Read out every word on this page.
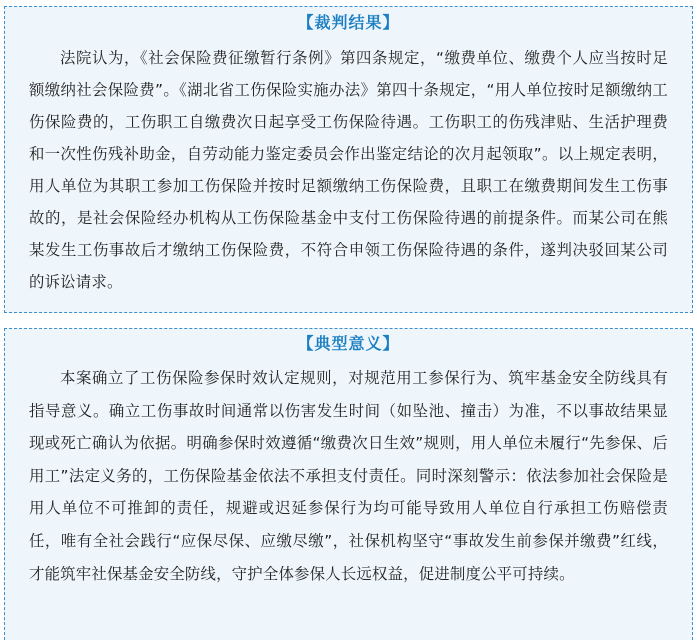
【裁判结果】

法院认为，《社会保险费征缴暂行条例》第四条规定，“缴费单位、缴费个人应当按时足额缴纳社会保险费”。《湖北省工伤保险实施办法》第四十条规定，“用人单位按时足额缴纳工伤保险费的，工伤职工自缴费次日起享受工伤保险待遇。工伤职工的伤残津贴、生活护理费和一次性伤残补助金，自劳动能力鉴定委员会作出鉴定结论的次月起领取”。以上规定表明，用人单位为其职工参加工伤保险并按时足额缴纳工伤保险费，且职工在缴费期间发生工伤事故的，是社会保险经办机构从工伤保险基金中支付工伤保险待遇的前提条件。而某公司在熊某发生工伤事故后才缴纳工伤保险费，不符合申领工伤保险待遇的条件，遂判决驳回某公司的诉讼请求。

【典型意义】

本案确立了工伤保险参保时效认定规则，对规范用工参保行为、筑牢基金安全防线具有指导意义。确立工伤事故时间通常以伤害发生时间（如坠池、撞击）为准，不以事故结果显现或死亡确认为依据。明确参保时效遵循“缴费次日生效”规则，用人单位未履行“先参保、后用工”法定义务的，工伤保险基金依法不承担支付责任。同时深刻警示：依法参加社会保险是用人单位不可推卸的责任，规避或迟延参保行为均可能导致用人单位自行承担工伤赔偿责任，唯有全社会践行“应保尽保、应缴尽缴”，社保机构坚守“事故发生前参保并缴费”红线，才能筑牢社保基金安全防线，守护全体参保人长远权益，促进制度公平可持续。
